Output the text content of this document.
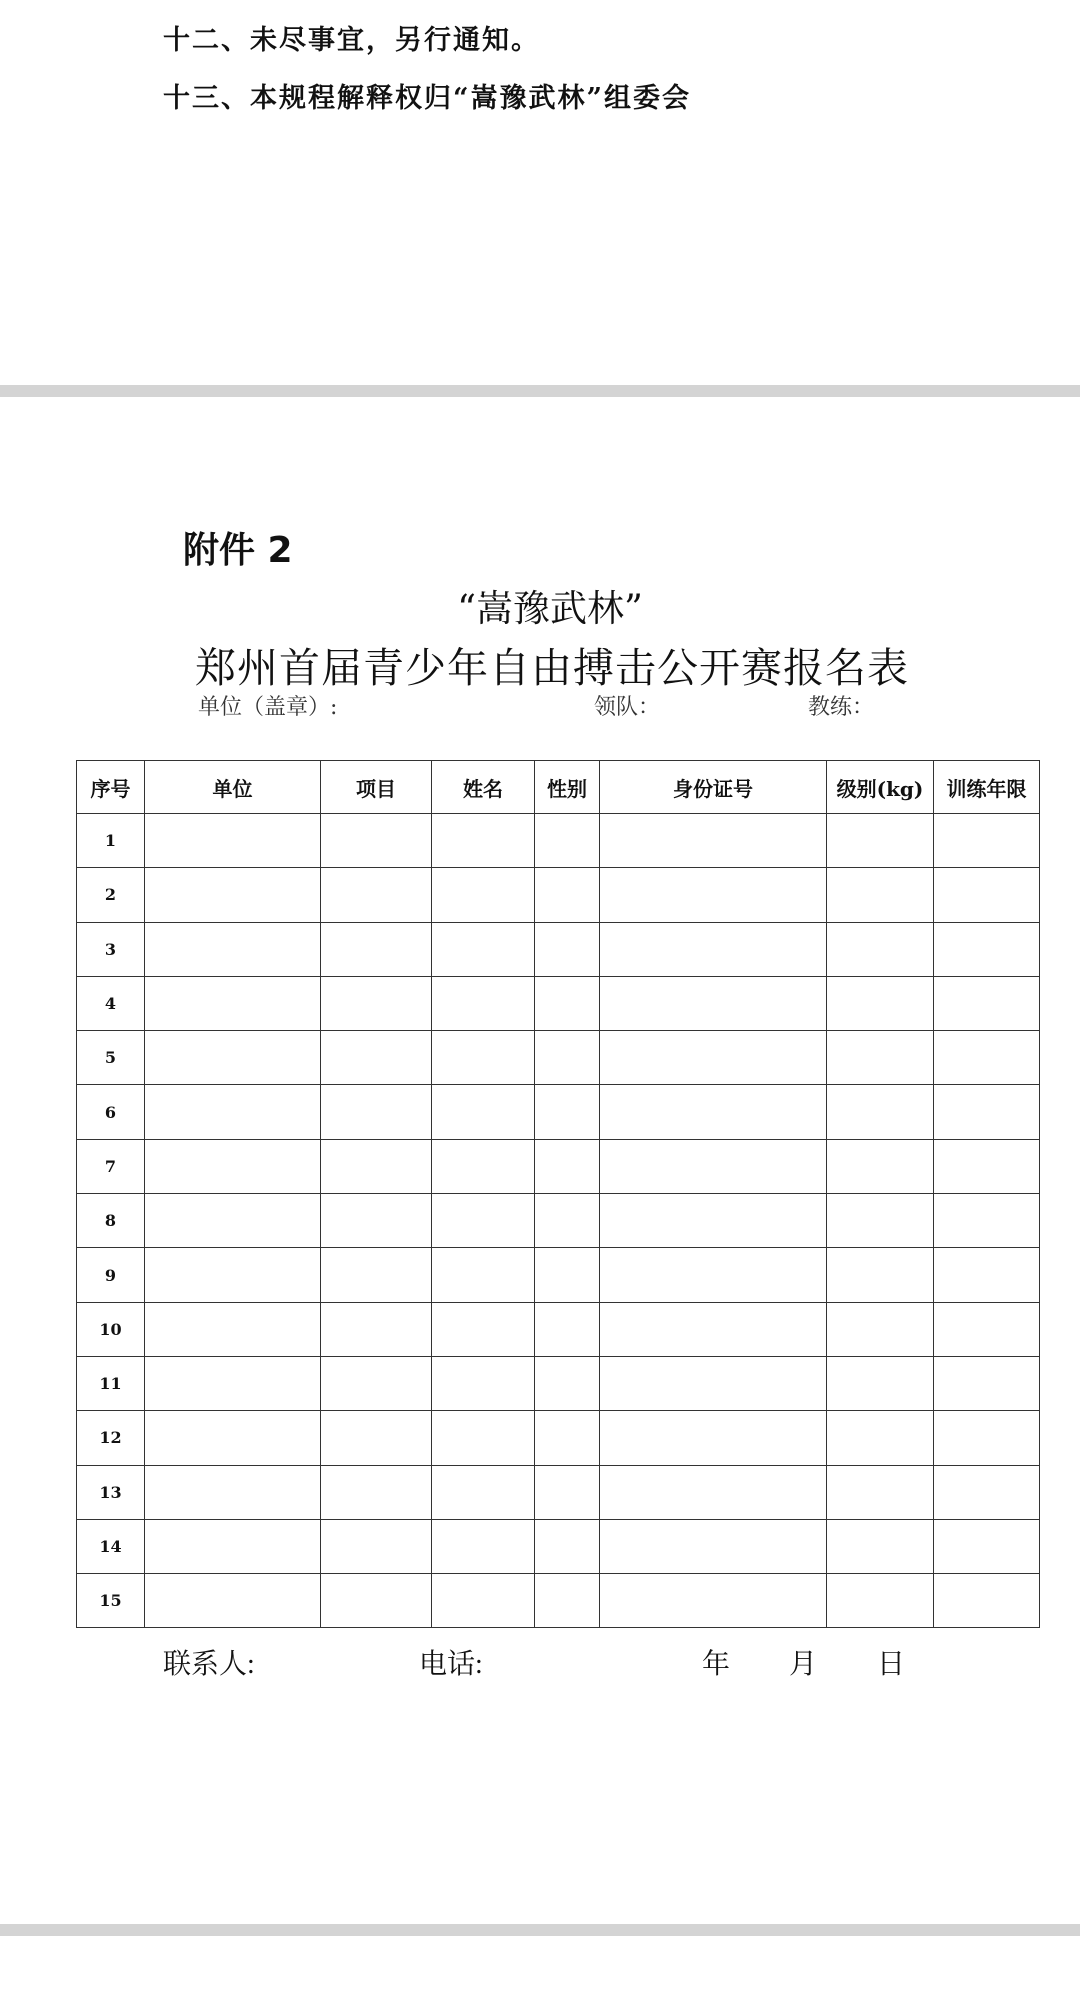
十二、未尽事宜，另行通知。
十三、本规程解释权归“嵩豫武林”组委会
附件 2
“嵩豫武林”
郑州首届青少年自由搏击公开赛报名表
单位（盖章）:	领队：	教练：
序号	单位	项目	姓名	性别	身份证号	级别(kg)	训练年限
1							
2							
3							
4							
5							
6							
7							
8							
9							
10							
11							
12							
13							
14							
15							
联系人:	电话:	年 月 日
